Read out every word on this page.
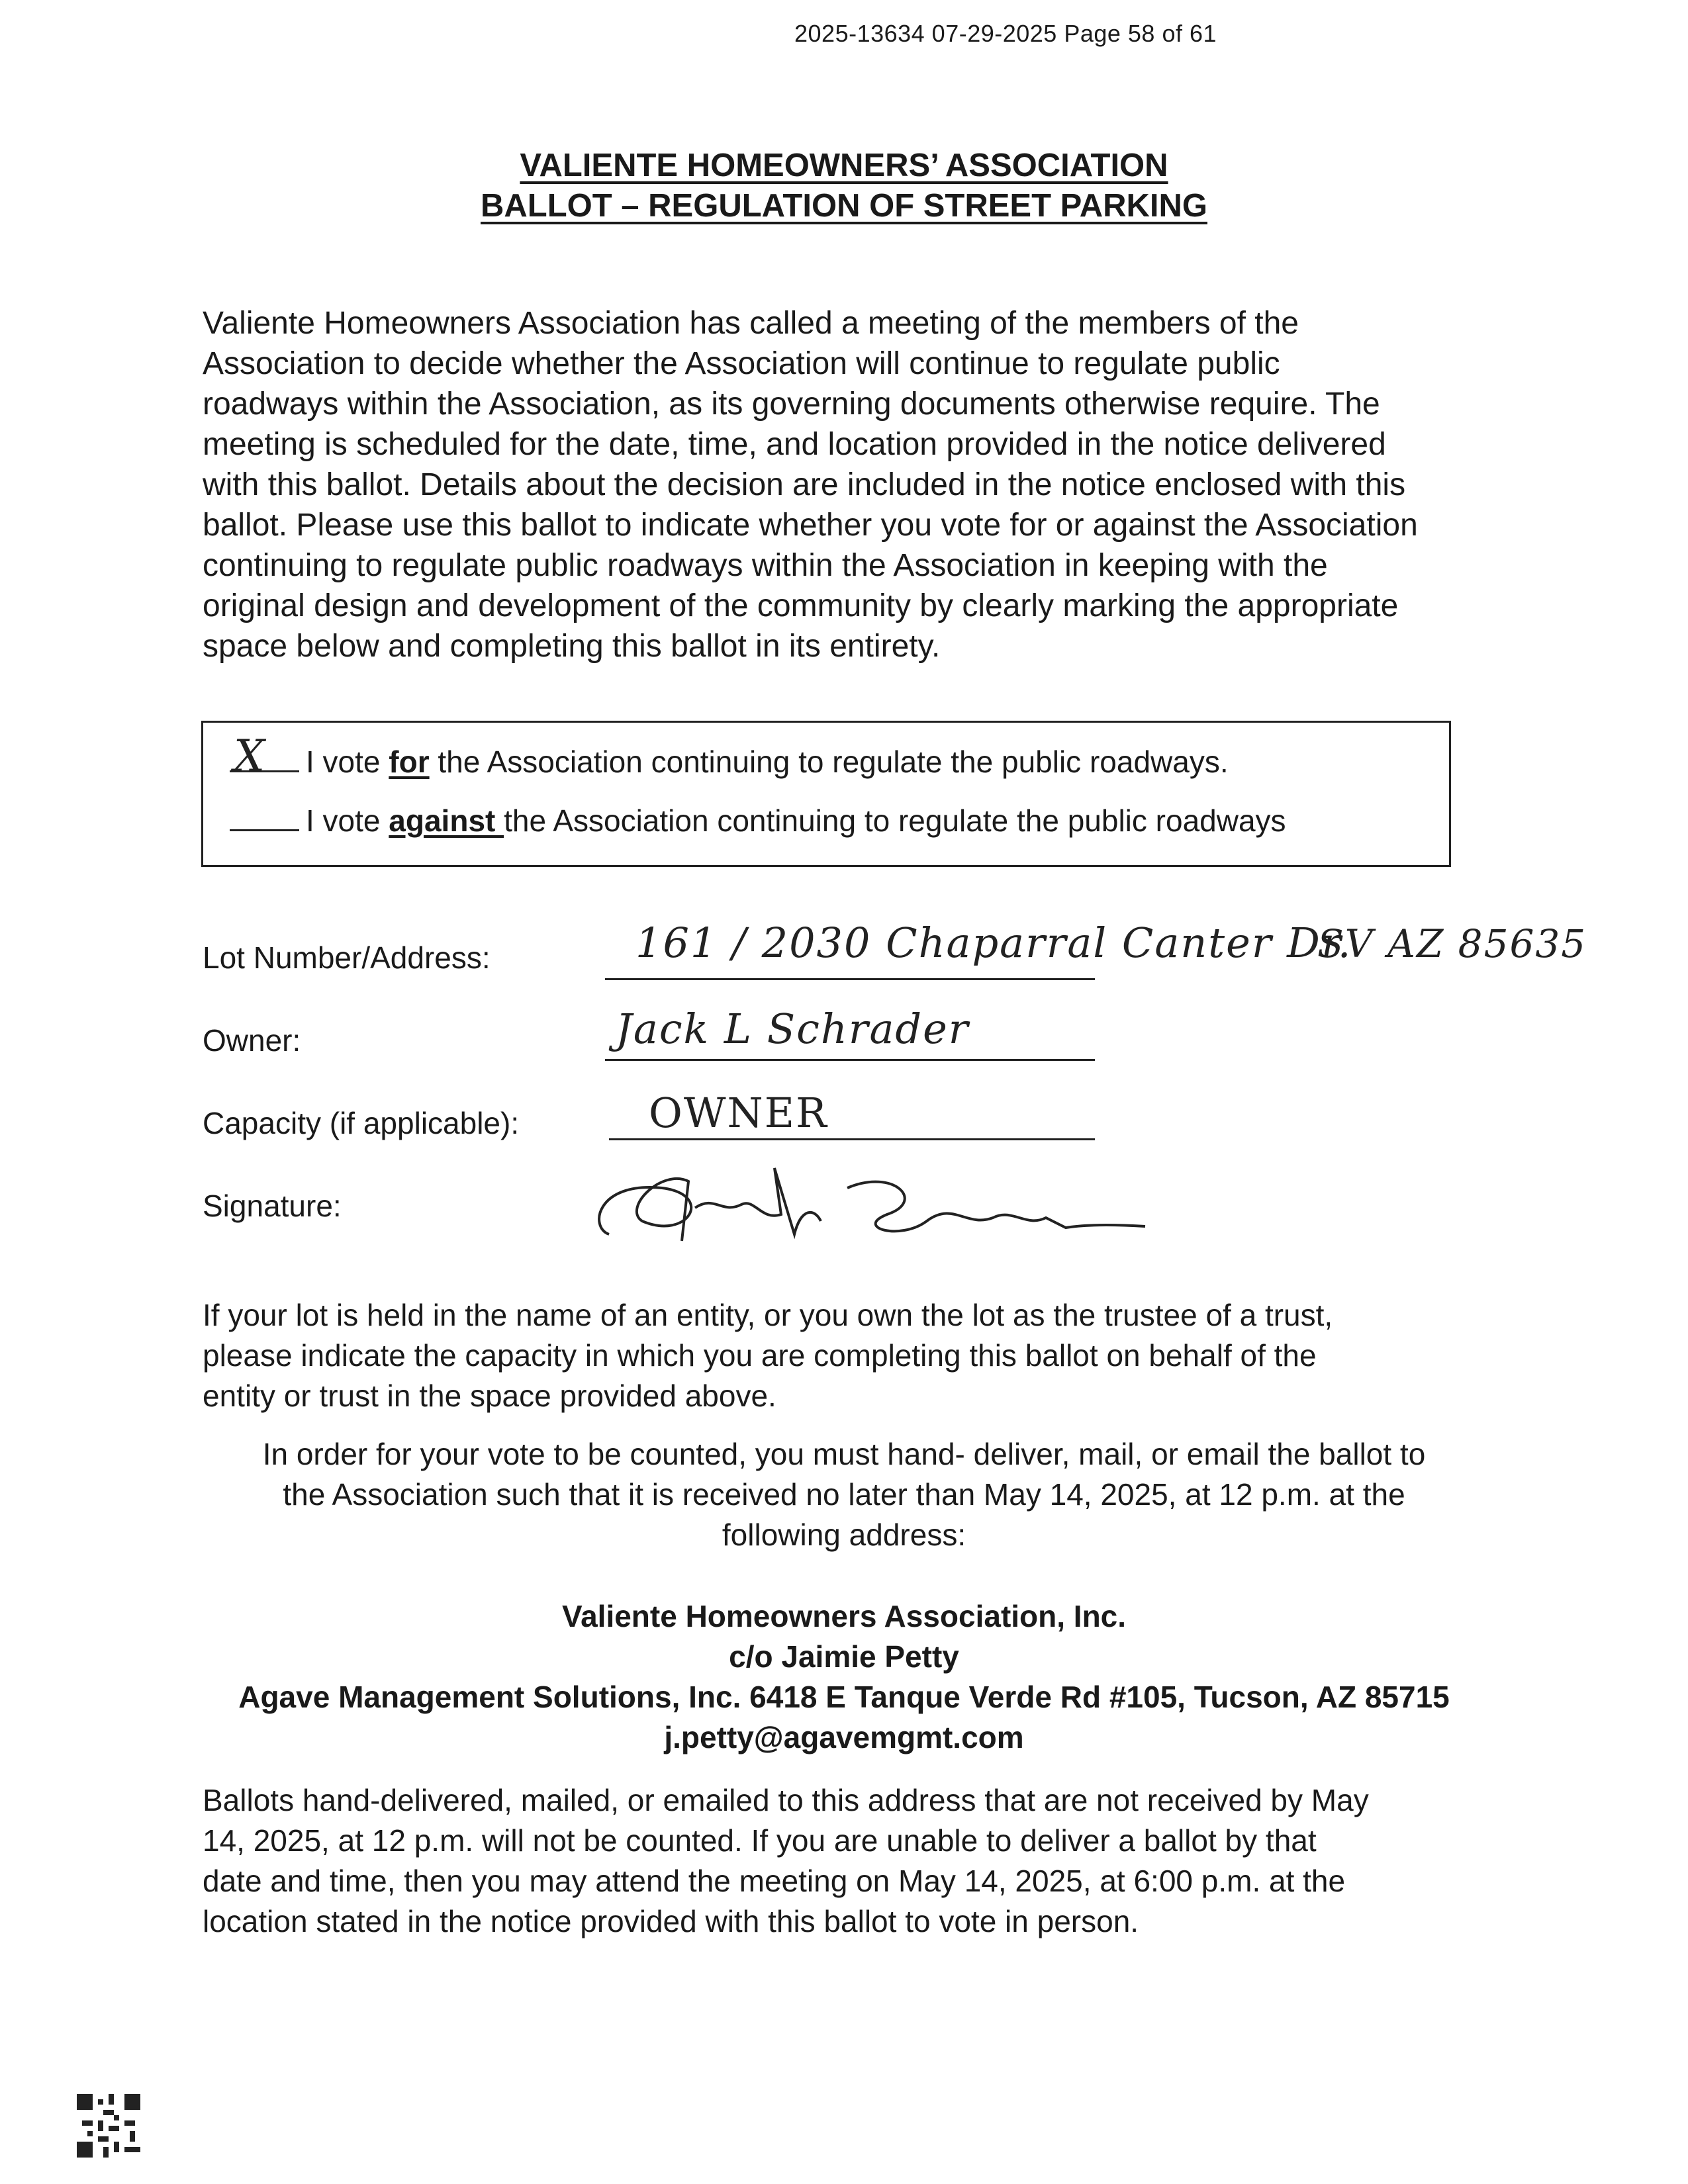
2025-13634 07-29-2025 Page 58 of 61
VALIENTE HOMEOWNERS’ ASSOCIATION
BALLOT – REGULATION OF STREET PARKING

Valiente Homeowners Association has called a meeting of the members of the

Association to decide whether the Association will continue to regulate public

roadways within the Association, as its governing documents otherwise require. The

meeting is scheduled for the date, time, and location provided in the notice delivered

with this ballot. Details about the decision are included in the notice enclosed with this

ballot. Please use this ballot to indicate whether you vote for or against the Association

continuing to regulate public roadways within the Association in keeping with the

original design and development of the community by clearly marking the appropriate

space below and completing this ballot in its entirety.

X I vote for the Association continuing to regulate the public roadways.
I vote against the Association continuing to regulate the public roadways
Lot Number/Address:	161 / 2030 Chaparral Canter Dr.
SV AZ 85635
Owner:	Jack L Schrader
Capacity (if applicable):	OWNER
Signature:

If your lot is held in the name of an entity, or you own the lot as the trustee of a trust,

please indicate the capacity in which you are completing this ballot on behalf of the

entity or trust in the space provided above.

In order for your vote to be counted, you must hand- deliver, mail, or email the ballot to

the Association such that it is received no later than May 14, 2025, at 12 p.m. at the

following address:

Valiente Homeowners Association, Inc.

c/o Jaimie Petty

Agave Management Solutions, Inc. 6418 E Tanque Verde Rd #105, Tucson, AZ 85715

j.petty@agavemgmt.com

Ballots hand-delivered, mailed, or emailed to this address that are not received by May

14, 2025, at 12 p.m. will not be counted. If you are unable to deliver a ballot by that

date and time, then you may attend the meeting on May 14, 2025, at 6:00 p.m. at the

location stated in the notice provided with this ballot to vote in person.
